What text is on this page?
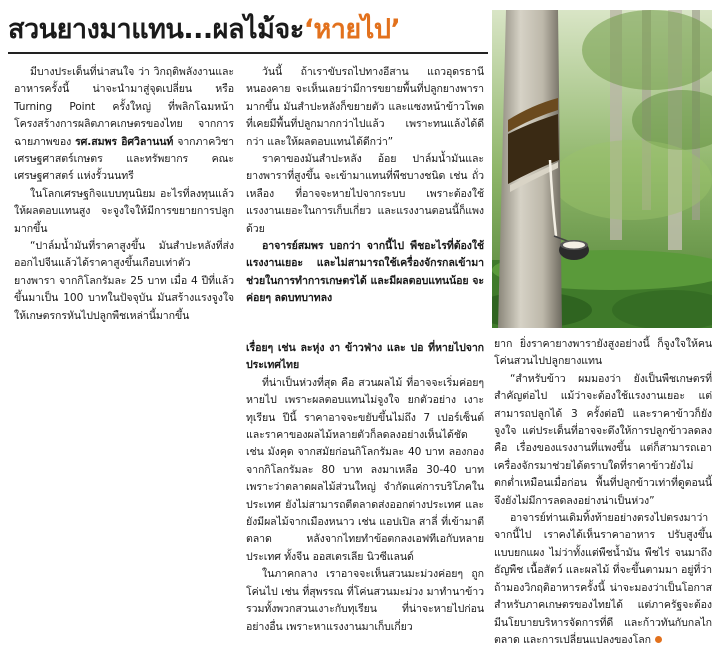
สวนยางมาแทน...ผลไม้จะ‘หายไป’

มีบางประเด็นที่น่าสนใจ ว่า วิกฤติพลังงานและอาหารครั้งนี้ น่าจะนำมาสู่จุดเปลี่ยน หรือ Turning Point ครั้งใหญ่ ที่พลิกโฉมหน้าโครงสร้างการผลิตภาคเกษตรของไทย จากการฉายภาพของ รศ.สมพร อิศวิลานนท์ จากภาควิชาเศรษฐศาสตร์เกษตร และทรัพยากร คณะเศรษฐศาสตร์ แห่งรั้วนนทรี

ในโลกเศรษฐกิจแบบทุนนิยม อะไรที่ลงทุนแล้วให้ผลตอบแทนสูง จะจูงใจให้มีการขยายการปลูกมากขึ้น

“ปาล์มน้ำมันที่ราคาสูงขึ้น มันสำปะหลังที่ส่งออกไปจีนแล้วได้ราคาสูงขึ้นเกือบเท่าตัว ยางพารา จากกิโลกรัมละ 25 บาท เมื่อ 4 ปีที่แล้วขึ้นมาเป็น 100 บาทในปัจจุบัน มันสร้างแรงจูงใจให้เกษตรกรหันไปปลูกพืชเหล่านี้มากขึ้น

วันนี้ ถ้าเราขับรถไปทางอีสาน แถวอุดรธานี หนองคาย จะเห็นเลยว่ามีการขยายพื้นที่ปลูกยางพารามากขึ้น มันสำปะหลังก็ขยายตัว และแซงหน้าข้าวโพดที่เคยมีพื้นที่ปลูกมากกว่าไปแล้ว เพราะทนแล้งได้ดีกว่า และให้ผลตอบแทนได้ดีกว่า”

ราคาของมันสำปะหลัง อ้อย ปาล์มน้ำมันและยางพาราที่สูงขึ้น จะเข้ามาแทนที่พืชบางชนิด เช่น ถั่วเหลือง ที่อาจจะหายไปจากระบบ เพราะต้องใช้แรงงานเยอะในการเก็บเกี่ยว และแรงงานตอนนี้ก็แพงด้วย

อาจารย์สมพร บอกว่า จากนี้ไป พืชอะไรที่ต้องใช้แรงงานเยอะ และไม่สามารถใช้เครื่องจักรกลเข้ามาช่วยในการทำการเกษตรได้ และมีผลตอบแทนน้อย จะค่อยๆ ลดบทบาทลง

เรื่อยๆ เช่น ละหุ่ง งา ข้าวฟ่าง และ ปอ ที่หายไปจากประเทศไทย

ที่น่าเป็นห่วงที่สุด คือ สวนผลไม้ ที่อาจจะเริ่มค่อยๆ หายไป เพราะผลตอบแทนไม่จูงใจ ยกตัวอย่าง เงาะ ทุเรียน ปีนี้ ราคาอาจจะขยับขึ้นไม่ถึง 7 เปอร์เซ็นต์ และราคาของผลไม้หลายตัวก็ลดลงอย่างเห็นได้ชัด เช่น มังคุด จากสมัยก่อนกิโลกรัมละ 40 บาท ลองกอง จากกิโลกรัมละ 80 บาท ลงมาเหลือ 30-40 บาท เพราะว่าตลาดผลไม้ส่วนใหญ่ จำกัดแค่การบริโภคในประเทศ ยังไม่สามารถตีตลาดส่งออกต่างประเทศ และยังมีผลไม้จากเมืองหนาว เช่น แอปเปิล สาลี่ ที่เข้ามาตีตลาด หลังจากไทยทำข้อตกลงเอฟทีเอกับหลายประเทศ ทั้งจีน ออสเตรเลีย นิวซีแลนด์

ในภาคกลาง เราอาจจะเห็นสวนมะม่วงค่อยๆ ถูกโค่นไป เช่น ที่สุพรรณ ที่โค่นสวนมะม่วง มาทำนาข้าว รวมทั้งพวกสวนเงาะกับทุเรียน ที่น่าจะหายไปก่อนอย่างอื่น เพราะหาแรงงานมาเก็บเกี่ยว

ยาก ยิ่งราคายางพารายังสูงอย่างนี้ ก็จูงใจให้คนโค่นสวนไปปลูกยางแทน

“สำหรับข้าว ผมมองว่า ยังเป็นพืชเกษตรที่สำคัญต่อไป แม้ว่าจะต้องใช้แรงงานเยอะ แต่สามารถปลูกได้ 3 ครั้งต่อปี และราคาข้าวก็ยังจูงใจ แต่ประเด็นที่อาจจะดึงให้การปลูกข้าวลดลง คือ เรื่องของแรงงานที่แพงขึ้น แต่ก็สามารถเอาเครื่องจักรมาช่วยได้ตราบใดที่ราคาข้าวยังไม่ตกต่ำเหมือนเมื่อก่อน พื้นที่ปลูกข้าวเท่าที่ดูตอนนี้ จึงยังไม่มีการลดลงอย่างน่าเป็นห่วง”

อาจารย์ท่านเดิมทิ้งท้ายอย่างตรงไปตรงมาว่า จากนี้ไป เราคงได้เห็นราคาอาหาร ปรับสูงขึ้นแบบยกแผง ไม่ว่าทั้งแต่พืชน้ำมัน พืชไร่ จนมาถึงธัญพืช เนื้อสัตว์ และผลไม้ ที่จะขึ้นตามมา อยู่ที่ว่าถ้ามองวิกฤติอาหารครั้งนี้ น่าจะมองว่าเป็นโอกาสสำหรับภาคเกษตรของไทยได้ แต่ภาครัฐจะต้องมีนโยบายบริหารจัดการที่ดี และก้าวทันกับกลไกตลาด และการเปลี่ยนแปลงของโลก
